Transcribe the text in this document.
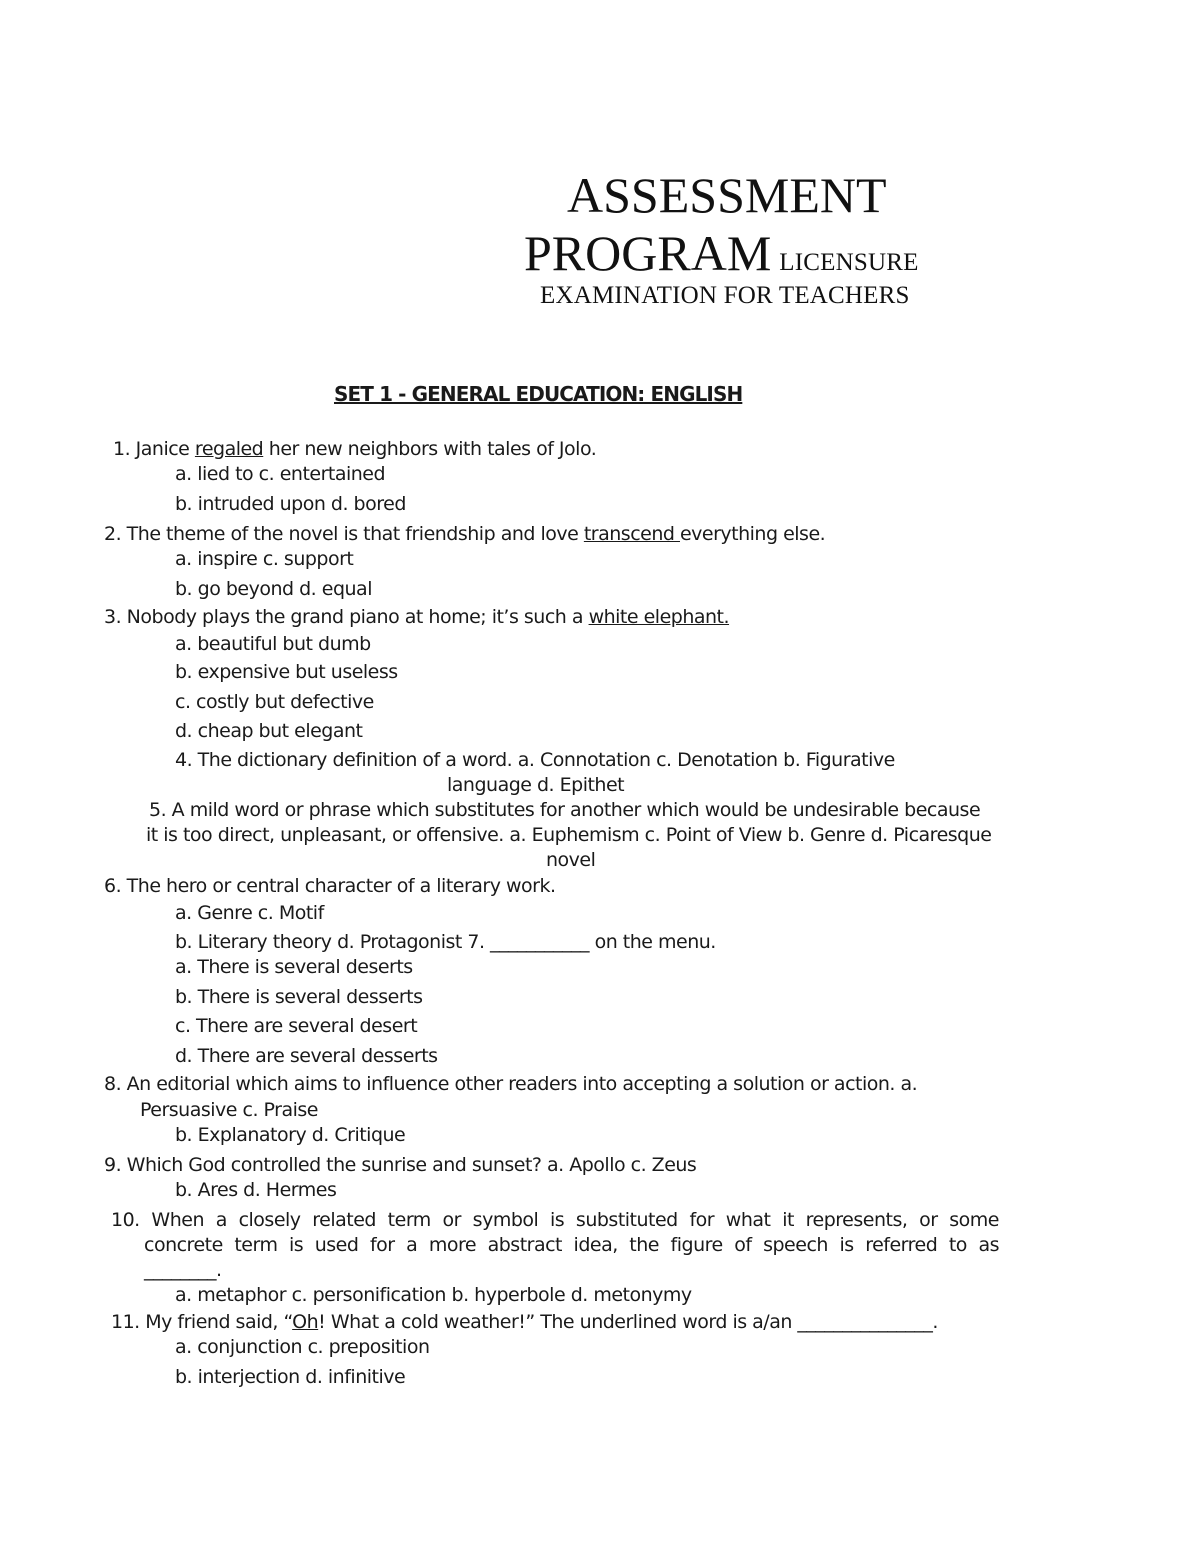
ASSESSMENT
PROGRAM LICENSURE
EXAMINATION FOR TEACHERS
SET 1 - GENERAL EDUCATION: ENGLISH
1. Janice regaled her new neighbors with tales of Jolo.
a. lied to c. entertained
b. intruded upon d. bored
2. The theme of the novel is that friendship and love transcend everything else.
a. inspire c. support
b. go beyond d. equal
3. Nobody plays the grand piano at home; it’s such a white elephant.
a. beautiful but dumb
b. expensive but useless
c. costly but defective
d. cheap but elegant
4. The dictionary definition of a word. a. Connotation c. Denotation b. Figurative
language d. Epithet
5. A mild word or phrase which substitutes for another which would be undesirable because
it is too direct, unpleasant, or offensive. a. Euphemism c. Point of View b. Genre d. Picaresque
novel
6. The hero or central character of a literary work.
a. Genre c. Motif
b. Literary theory d. Protagonist 7. ___________ on the menu.
a. There is several deserts
b. There is several desserts
c. There are several desert
d. There are several desserts
8. An editorial which aims to influence other readers into accepting a solution or action. a.
Persuasive c. Praise
b. Explanatory d. Critique
9. Which God controlled the sunrise and sunset? a. Apollo c. Zeus
b. Ares d. Hermes
10. When a closely related term or symbol is substituted for what it represents, or some
concrete term is used for a more abstract idea, the figure of speech is referred to as
________.
a. metaphor c. personification b. hyperbole d. metonymy
11. My friend said, “Oh! What a cold weather!” The underlined word is a/an _______________.
a. conjunction c. preposition
b. interjection d. infinitive
